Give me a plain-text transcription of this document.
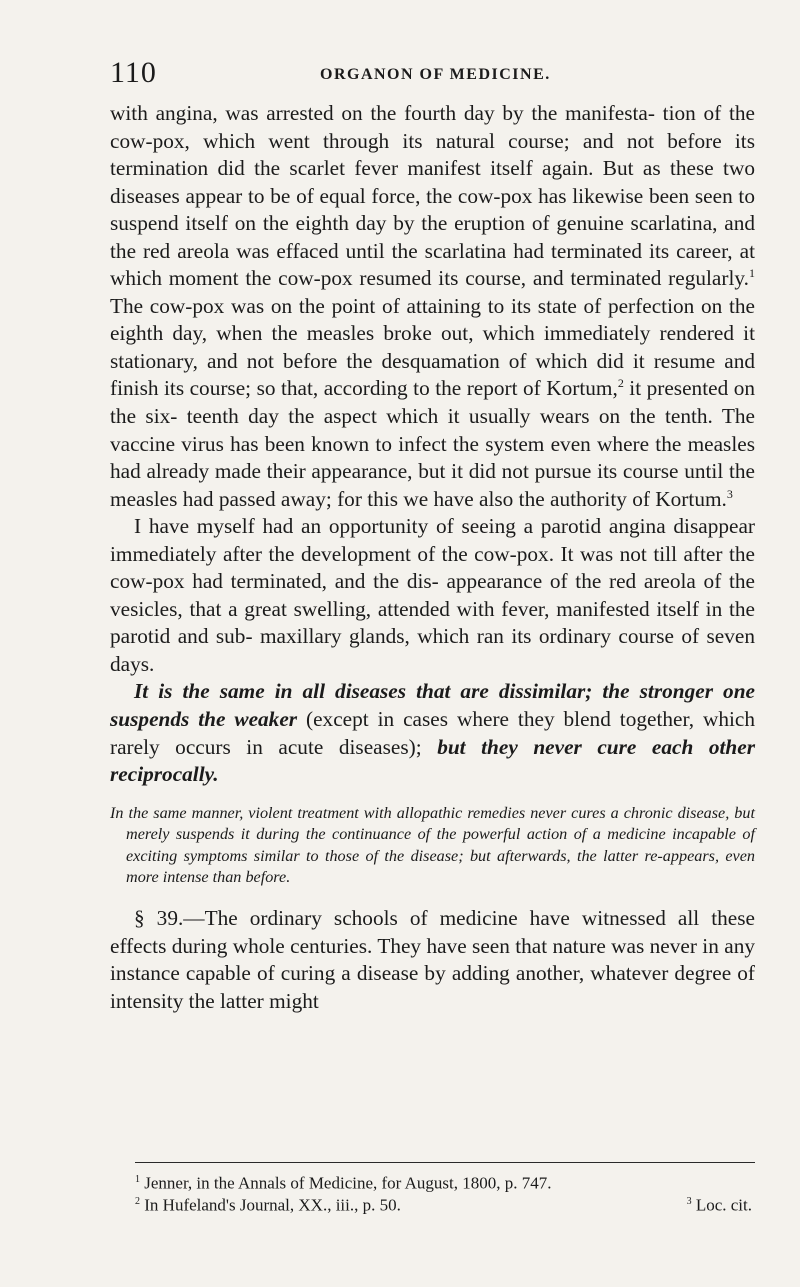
110	ORGANON OF MEDICINE.

with angina, was arrested on the fourth day by the manifesta- tion of the cow-pox, which went through its natural course; and not before its termination did the scarlet fever manifest itself again. But as these two diseases appear to be of equal force, the cow-pox has likewise been seen to suspend itself on the eighth day by the eruption of genuine scarlatina, and the red areola was effaced until the scarlatina had terminated its career, at which moment the cow-pox resumed its course, and terminated regularly.$^1$ The cow-pox was on the point of attaining to its state of perfection on the eighth day, when the measles broke out, which immediately rendered it stationary, and not before the desquamation of which did it resume and finish its course; so that, according to the report of Kortum,$^2$ it presented on the six- teenth day the aspect which it usually wears on the tenth. The vaccine virus has been known to infect the system even where the measles had already made their appearance, but it did not pursue its course until the measles had passed away; for this we have also the authority of Kortum.$^3$

I have myself had an opportunity of seeing a parotid angina disappear immediately after the development of the cow-pox. It was not till after the cow-pox had terminated, and the dis- appearance of the red areola of the vesicles, that a great swelling, attended with fever, manifested itself in the parotid and sub- maxillary glands, which ran its ordinary course of seven days.

It is the same in all diseases that are dissimilar; the stronger one suspends the weaker (except in cases where they blend together, which rarely occurs in acute diseases); but they never cure each other reciprocally.

In the same manner, violent treatment with allopathic remedies never cures a chronic disease, but merely suspends it during the continuance of the powerful action of a medicine incapable of exciting symptoms similar to those of the disease; but afterwards, the latter re-appears, even more intense than before.

§ 39.—The ordinary schools of medicine have witnessed all these effects during whole centuries. They have seen that nature was never in any instance capable of curing a disease by adding another, whatever degree of intensity the latter might

$^1$ Jenner, in the Annals of Medicine, for August, 1800, p. 747.
$^2$ In Hufeland's Journal, XX., iii., p. 50.	$^3$ Loc. cit.
